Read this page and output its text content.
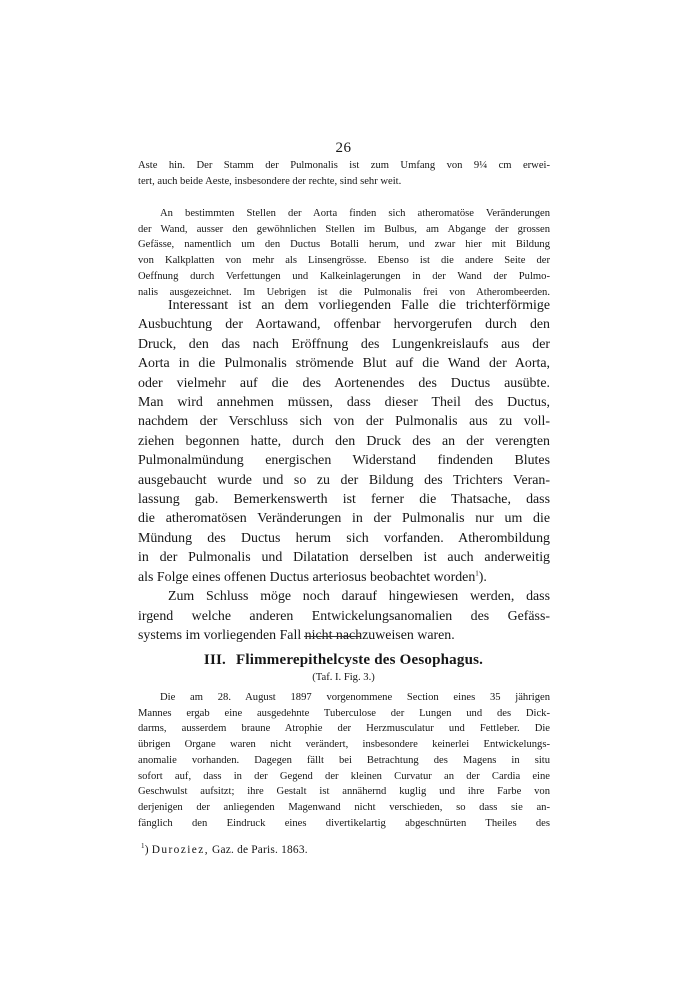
26
Aste hin. Der Stamm der Pulmonalis ist zum Umfang von 9¼ cm erwei-
tert, auch beide Aeste, insbesondere der rechte, sind sehr weit.
An bestimmten Stellen der Aorta finden sich atheromatöse Veränderungen
der Wand, ausser den gewöhnlichen Stellen im Bulbus, am Abgange der grossen
Gefässe, namentlich um den Ductus Botalli herum, und zwar hier mit Bildung
von Kalkplatten von mehr als Linsengrösse. Ebenso ist die andere Seite der
Oeffnung durch Verfettungen und Kalkeinlagerungen in der Wand der Pulmo-
nalis ausgezeichnet. Im Uebrigen ist die Pulmonalis frei von Atherombeerden.
Interessant ist an dem vorliegenden Falle die trichterförmige
Ausbuchtung der Aortawand, offenbar hervorgerufen durch den
Druck, den das nach Eröffnung des Lungenkreislaufs aus der
Aorta in die Pulmonalis strömende Blut auf die Wand der Aorta,
oder vielmehr auf die des Aortenendes des Ductus ausübte.
Man wird annehmen müssen, dass dieser Theil des Ductus,
nachdem der Verschluss sich von der Pulmonalis aus zu voll-
ziehen begonnen hatte, durch den Druck des an der verengten
Pulmonalmündung energischen Widerstand findenden Blutes
ausgebaucht wurde und so zu der Bildung des Trichters Veran-
lassung gab. Bemerkenswerth ist ferner die Thatsache, dass
die atheromatösen Veränderungen in der Pulmonalis nur um die
Mündung des Ductus herum sich vorfanden. Atherombildung
in der Pulmonalis und Dilatation derselben ist auch anderweitig
als Folge eines offenen Ductus arteriosus beobachtet worden$^1$).
Zum Schluss möge noch darauf hingewiesen werden, dass
irgend welche anderen Entwickelungsanomalien des Gefäss-
systems im vorliegenden Fall nicht nachzuweisen waren.
III. Flimmerepithelcyste des Oesophagus.
(Taf. I. Fig. 3.)
Die am 28. August 1897 vorgenommene Section eines 35 jährigen
Mannes ergab eine ausgedehnte Tuberculose der Lungen und des Dick-
darms, ausserdem braune Atrophie der Herzmusculatur und Fettleber. Die
übrigen Organe waren nicht verändert, insbesondere keinerlei Entwickelungs-
anomalie vorhanden. Dagegen fällt bei Betrachtung des Magens in situ
sofort auf, dass in der Gegend der kleinen Curvatur an der Cardia eine
Geschwulst aufsitzt; ihre Gestalt ist annähernd kuglig und ihre Farbe von
derjenigen der anliegenden Magenwand nicht verschieden, so dass sie an-
fänglich den Eindruck eines divertikelartig abgeschnürten Theiles des
$^1$) Duroziez, Gaz. de Paris. 1863.
